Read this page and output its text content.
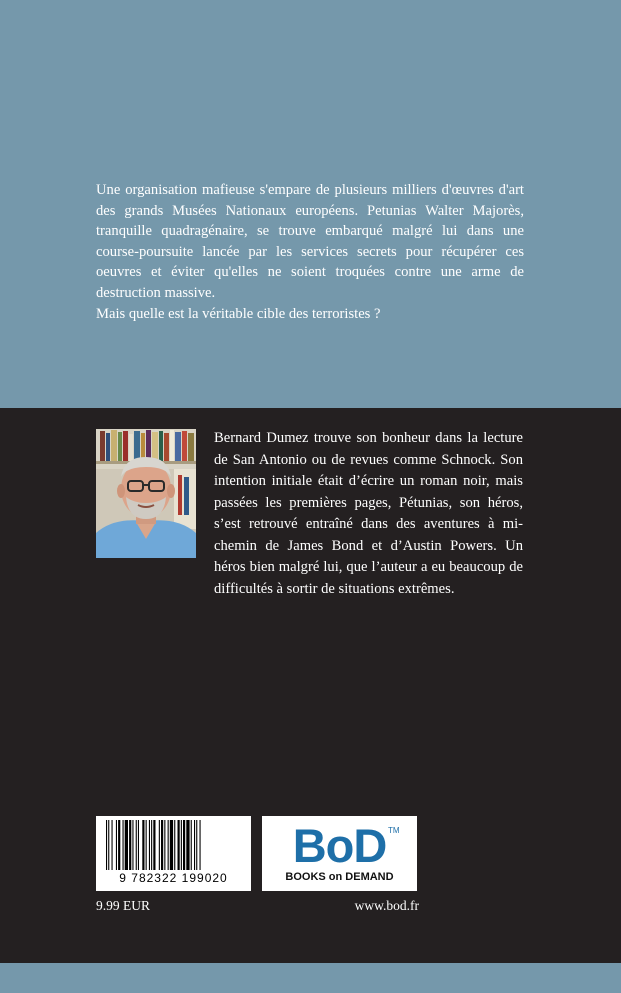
Une organisation mafieuse s'empare de plusieurs milliers d'œuvres d'art des grands Musées Nationaux européens. Petunias Walter Majorès, tranquille quadragénaire, se trouve embarqué malgré lui dans une course-poursuite lancée par les services secrets pour récupérer ces oeuvres et éviter qu'elles ne soient troquées contre une arme de destruction massive.

Mais quelle est la véritable cible des terroristes ?

Bernard Dumez trouve son bonheur dans la lecture de San Antonio ou de revues comme Schnock. Son intention initiale était d’écrire un roman noir, mais passées les premières pages, Pétunias, son héros, s’est retrouvé entraîné dans des aventures à mi-chemin de James Bond et d’Austin Powers. Un héros bien malgré lui, que l’auteur a eu beaucoup de difficultés à sortir de situations extrêmes.

9 782322 199020
BoD TM
BOOKS on DEMAND
9.99 EUR	www.bod.fr
